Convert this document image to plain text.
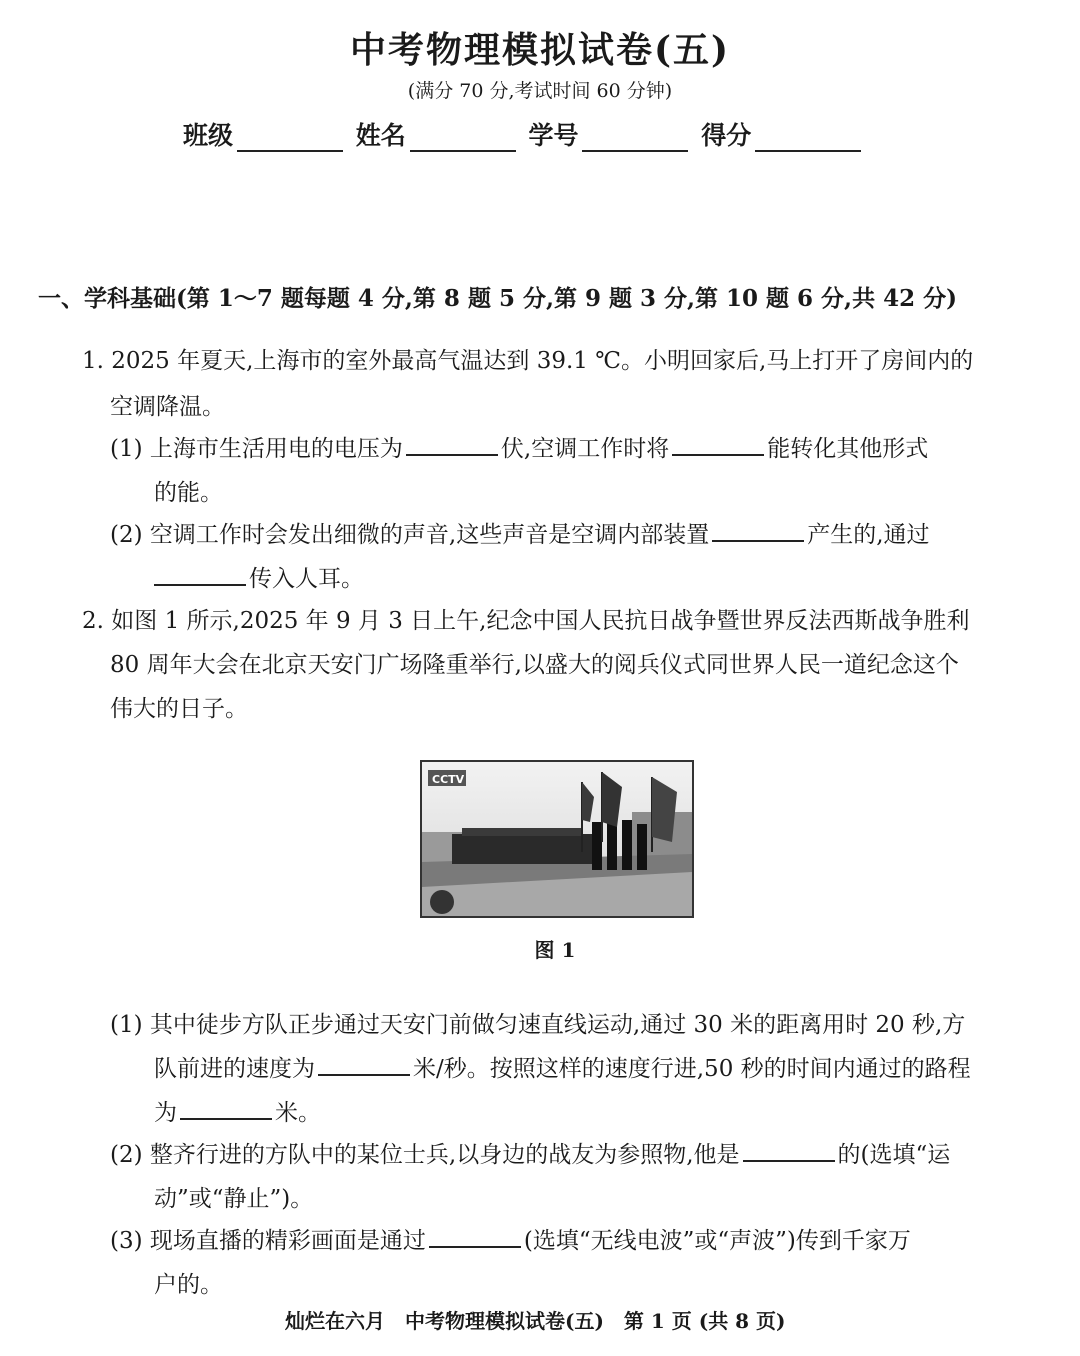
中考物理模拟试卷(五)
(满分 70 分,考试时间 60 分钟)
班级	姓名	学号	得分
一、学科基础(第 1～7 题每题 4 分,第 8 题 5 分,第 9 题 3 分,第 10 题 6 分,共 42 分)
1. 2025 年夏天,上海市的室外最高气温达到 39.1 ℃。小明回家后,马上打开了房间内的
空调降温。
(1) 上海市生活用电的电压为	伏,空调工作时将	能转化其他形式
的能。
(2) 空调工作时会发出细微的声音,这些声音是空调内部装置	产生的,通过
传入人耳。
2. 如图 1 所示,2025 年 9 月 3 日上午,纪念中国人民抗日战争暨世界反法西斯战争胜利
80 周年大会在北京天安门广场隆重举行,以盛大的阅兵仪式同世界人民一道纪念这个
伟大的日子。
CCTV
图 1
(1) 其中徒步方队正步通过天安门前做匀速直线运动,通过 30 米的距离用时 20 秒,方
队前进的速度为	米/秒。按照这样的速度行进,50 秒的时间内通过的路程
为	米。
(2) 整齐行进的方队中的某位士兵,以身边的战友为参照物,他是	的(选填“运
动”或“静止”)。
(3) 现场直播的精彩画面是通过	(选填“无线电波”或“声波”)传到千家万
户的。
灿烂在六月　中考物理模拟试卷(五)　第 1 页 (共 8 页)
